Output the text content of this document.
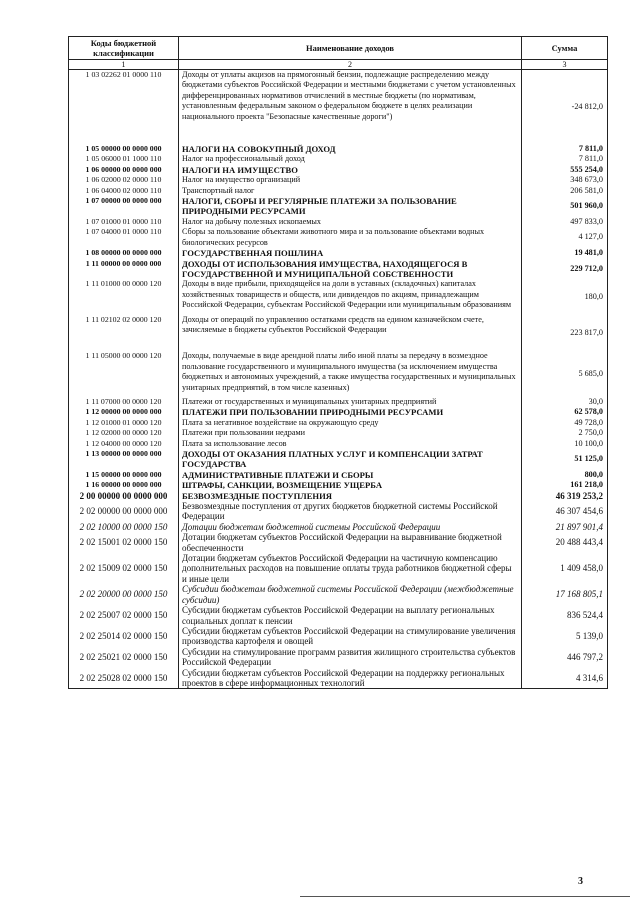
Коды бюджетной классификации	Наименование доходов	Сумма
1	2	3
1 03 02262 01 0000 110	Доходы от уплаты акцизов на прямогонный бензин, подлежащие распределению между бюджетами субъектов Российской Федерации и местными бюджетами с учетом установленных дифференцированных нормативов отчислений в местные бюджеты (по нормативам, установленным федеральным законом о федеральном бюджете в целях реализации национального проекта "Безопасные качественные дороги")	-24 812,0
1 05 00000 00 0000 000	НАЛОГИ НА СОВОКУПНЫЙ ДОХОД	7 811,0
1 05 06000 01 1000 110	Налог на профессиональный доход	7 811,0
1 06 00000 00 0000 000	НАЛОГИ НА ИМУЩЕСТВО	555 254,0
1 06 02000 02 0000 110	Налог на имущество организаций	348 673,0
1 06 04000 02 0000 110	Транспортный налог	206 581,0
1 07 00000 00 0000 000	НАЛОГИ, СБОРЫ И РЕГУЛЯРНЫЕ ПЛАТЕЖИ ЗА ПОЛЬЗОВАНИЕ ПРИРОДНЫМИ РЕСУРСАМИ	501 960,0
1 07 01000 01 0000 110	Налог на добычу полезных ископаемых	497 833,0
1 07 04000 01 0000 110	Сборы за пользование объектами животного мира и за пользование объектами водных биологических ресурсов	4 127,0
1 08 00000 00 0000 000	ГОСУДАРСТВЕННАЯ ПОШЛИНА	19 481,0
1 11 00000 00 0000 000	ДОХОДЫ ОТ ИСПОЛЬЗОВАНИЯ ИМУЩЕСТВА, НАХОДЯЩЕГОСЯ В ГОСУДАРСТВЕННОЙ И МУНИЦИПАЛЬНОЙ СОБСТВЕННОСТИ	229 712,0
1 11 01000 00 0000 120	Доходы в виде прибыли, приходящейся на доли в уставных (складочных) капиталах хозяйственных товариществ и обществ, или дивидендов по акциям, принадлежащим Российской Федерации, субъектам Российской Федерации или муниципальным образованиям	180,0
1 11 02102 02 0000 120	Доходы от операций по управлению остатками средств на едином казначейском счете, зачисляемые в бюджеты субъектов Российской Федерации	223 817,0
1 11 05000 00 0000 120	Доходы, получаемые в виде арендной платы либо иной платы за передачу в возмездное пользование государственного и муниципального имущества (за исключением имущества бюджетных и автономных учреждений, а также имущества государственных и муниципальных унитарных предприятий, в том числе казенных)	5 685,0
1 11 07000 00 0000 120	Платежи от государственных и муниципальных унитарных предприятий	30,0
1 12 00000 00 0000 000	ПЛАТЕЖИ ПРИ ПОЛЬЗОВАНИИ ПРИРОДНЫМИ РЕСУРСАМИ	62 578,0
1 12 01000 01 0000 120	Плата за негативное воздействие на окружающую среду	49 728,0
1 12 02000 00 0000 120	Платежи при пользовании недрами	2 750,0
1 12 04000 00 0000 120	Плата за использование лесов	10 100,0
1 13 00000 00 0000 000	ДОХОДЫ ОТ ОКАЗАНИЯ ПЛАТНЫХ УСЛУГ И КОМПЕНСАЦИИ ЗАТРАТ ГОСУДАРСТВА	51 125,0
1 15 00000 00 0000 000	АДМИНИСТРАТИВНЫЕ ПЛАТЕЖИ И СБОРЫ	800,0
1 16 00000 00 0000 000	ШТРАФЫ, САНКЦИИ, ВОЗМЕЩЕНИЕ УЩЕРБА	161 218,0
2 00 00000 00 0000 000	БЕЗВОЗМЕЗДНЫЕ ПОСТУПЛЕНИЯ	46 319 253,2
2 02 00000 00 0000 000	Безвозмездные поступления от других бюджетов бюджетной системы Российской Федерации	46 307 454,6
2 02 10000 00 0000 150	Дотации бюджетам бюджетной системы Российской Федерации	21 897 901,4
2 02 15001 02 0000 150	Дотации бюджетам субъектов Российской Федерации на выравнивание бюджетной обеспеченности	20 488 443,4
2 02 15009 02 0000 150	Дотации бюджетам субъектов Российской Федерации на частичную компенсацию дополнительных расходов на повышение оплаты труда работников бюджетной сферы и иные цели	1 409 458,0
2 02 20000 00 0000 150	Субсидии бюджетам бюджетной системы Российской Федерации (межбюджетные субсидии)	17 168 805,1
2 02 25007 02 0000 150	Субсидии бюджетам субъектов Российской Федерации на выплату региональных социальных доплат к пенсии	836 524,4
2 02 25014 02 0000 150	Субсидии бюджетам субъектов Российской Федерации на стимулирование увеличения производства картофеля и овощей	5 139,0
2 02 25021 02 0000 150	Субсидии на стимулирование программ развития жилищного строительства субъектов Российской Федерации	446 797,2
2 02 25028 02 0000 150	Субсидии бюджетам субъектов Российской Федерации на поддержку региональных проектов в сфере информационных технологий	4 314,6
3
